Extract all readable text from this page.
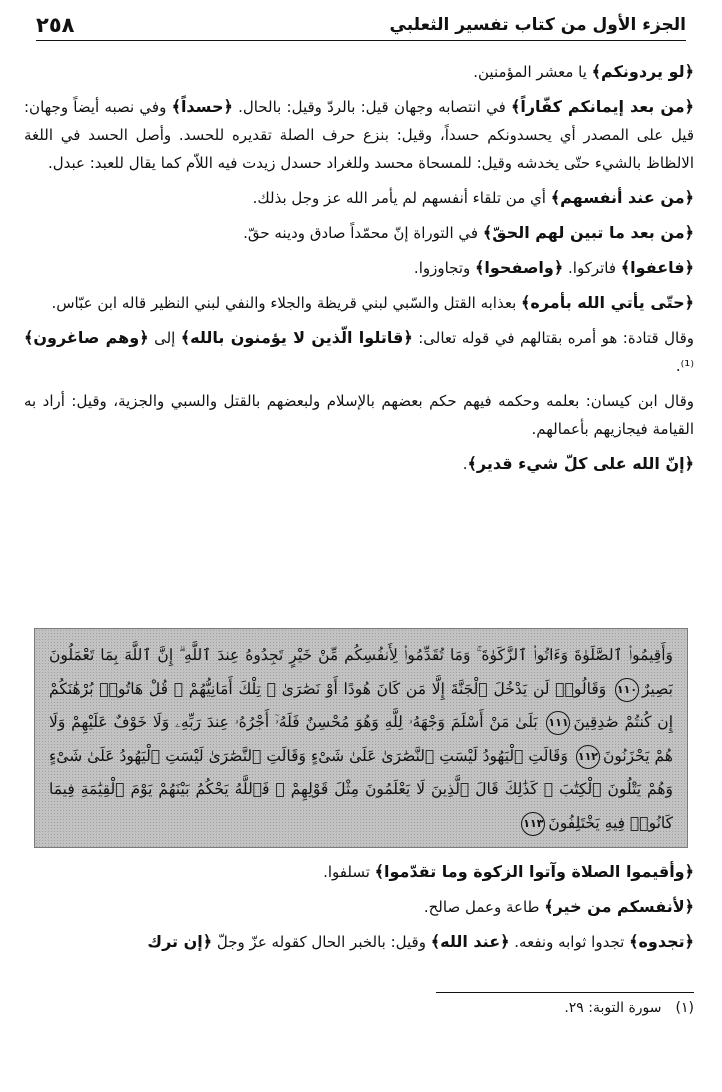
الجزء الأول من كتاب تفسير الثعلبي
٢٥٨

﴿لو يردونكم﴾ يا معشر المؤمنين.

﴿من بعد إيمانكم كفّاراً﴾ في انتصابه وجهان قيل: بالردّ وقيل: بالحال. ﴿حسداً﴾ وفي نصبه أيضاً وجهان: قيل على المصدر أي يحسدونكم حسداً، وقيل: بنزع حرف الصلة تقديره للحسد. وأصل الحسد في اللغة الالظاظ بالشيء حتّى يخدشه وقيل: للمسحاة محسد وللغراد حسدل زيدت فيه اللاّم كما يقال للعبد: عبدل.

﴿من عند أنفسهم﴾ أي من تلقاء أنفسهم لم يأمر الله عز وجل بذلك.

﴿من بعد ما تبين لهم الحقّ﴾ في التوراة إنّ محمّداً صادق ودينه حقّ.

﴿فاعفوا﴾ فاتركوا. ﴿واصفحوا﴾ وتجاوزوا.

﴿حتّى يأتي الله بأمره﴾ بعذابه القتل والسّبي لبني قريظة والجلاء والنفي لبني النظير قاله ابن عبّاس.

وقال قتادة: هو أمره بقتالهم في قوله تعالى: ﴿قاتلوا الّذين لا يؤمنون بالله﴾ إلى ﴿وهم صاغرون﴾⁽¹⁾.

وقال ابن كيسان: بعلمه وحكمه فيهم حكم بعضهم بالإسلام ولبعضهم بالقتل والسبي والجزية، وقيل: أراد به القيامة فيجازيهم بأعمالهم.

﴿إنّ الله على كلّ شيء قدير﴾.

وَأَقِيمُوا۟ ٱلصَّلَوٰةَ وَءَاتُوا۟ ٱلزَّكَوٰةَ ۚ وَمَا تُقَدِّمُوا۟ لِأَنفُسِكُم مِّنْ خَيْرٍ تَجِدُوهُ عِندَ ٱللَّهِ ۗ إِنَّ ٱللَّهَ بِمَا تَعْمَلُونَ بَصِيرٌ١١٠ وَقَالُوا۟ لَن يَدْخُلَ ٱلْجَنَّةَ إِلَّا مَن كَانَ هُودًا أَوْ نَصَٰرَىٰ ۗ تِلْكَ أَمَانِيُّهُمْ ۗ قُلْ هَاتُوا۟ بُرْهَٰنَكُمْ إِن كُنتُمْ صَٰدِقِينَ١١١ بَلَىٰ مَنْ أَسْلَمَ وَجْهَهُۥ لِلَّهِ وَهُوَ مُحْسِنٌ فَلَهُۥٓ أَجْرُهُۥ عِندَ رَبِّهِۦ وَلَا خَوْفٌ عَلَيْهِمْ وَلَا هُمْ يَحْزَنُونَ١١٢ وَقَالَتِ ٱلْيَهُودُ لَيْسَتِ ٱلنَّصَٰرَىٰ عَلَىٰ شَىْءٍ وَقَالَتِ ٱلنَّصَٰرَىٰ لَيْسَتِ ٱلْيَهُودُ عَلَىٰ شَىْءٍ وَهُمْ يَتْلُونَ ٱلْكِتَٰبَ ۗ كَذَٰلِكَ قَالَ ٱلَّذِينَ لَا يَعْلَمُونَ مِثْلَ قَوْلِهِمْ ۚ فَٱللَّهُ يَحْكُمُ بَيْنَهُمْ يَوْمَ ٱلْقِيَٰمَةِ فِيمَا كَانُوا۟ فِيهِ يَخْتَلِفُونَ١١٣

﴿وأقيموا الصلاة وآتوا الزكوة وما تقدّموا﴾ تسلفوا.

﴿لأنفسكم من خير﴾ طاعة وعمل صالح.

﴿تجدوه﴾ تجدوا ثوابه ونفعه. ﴿عند الله﴾ وقيل: بالخبر الحال كقوله عزّ وجلّ ﴿إن ترك

(١)سورة التوبة: ٢٩.
